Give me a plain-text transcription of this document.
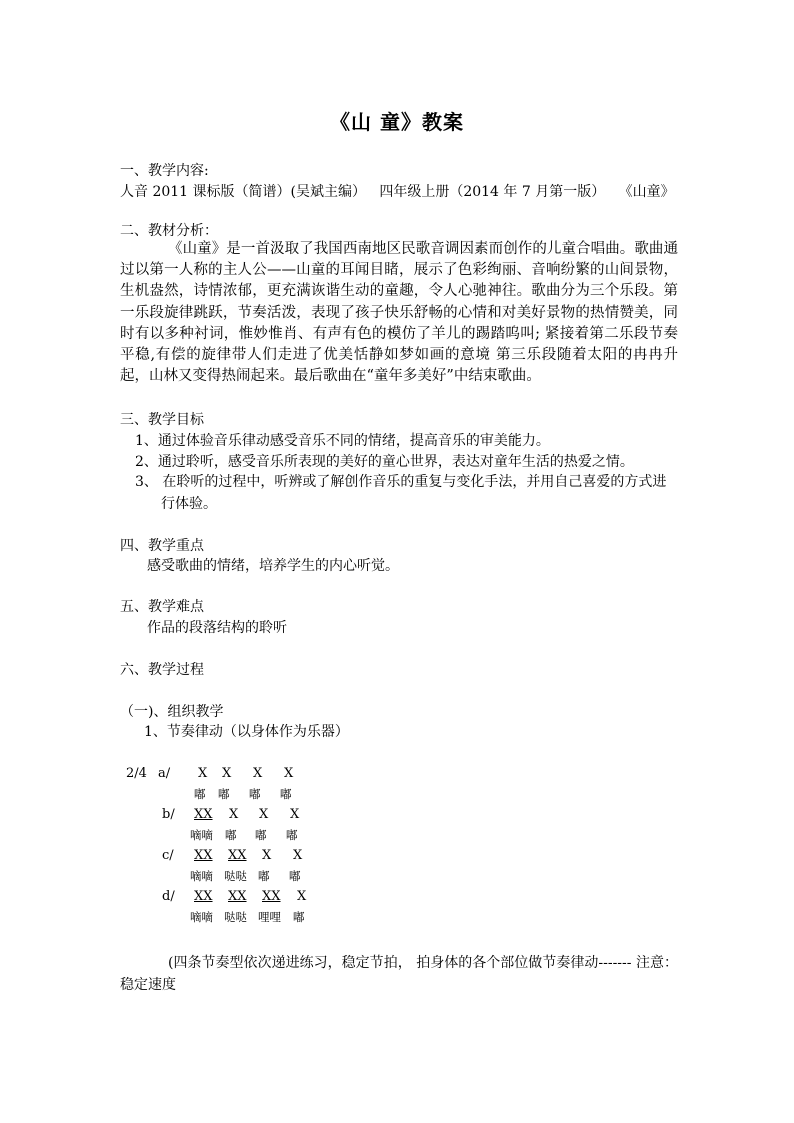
《山 童》教案
一、教学内容:
人音 2011 课标版（简谱）(吴斌主编）   四年级上册（2014 年 7 月第一版）   《山童》
二、教材分析：
《山童》是一首汲取了我国西南地区民歌音调因素而创作的儿童合唱曲。歌曲通过以第一人称的主人公——山童的耳闻目睹，展示了色彩绚丽、音响纷繁的山间景物，生机盎然，诗情浓郁，更充满诙谐生动的童趣，令人心驰神往。歌曲分为三个乐段。第一乐段旋律跳跃，节奏活泼，表现了孩子快乐舒畅的心情和对美好景物的热情赞美，同时有以多种衬词，惟妙惟肖、有声有色的模仿了羊儿的踢踏呜叫; 紧接着第二乐段节奏平稳,有偿的旋律带人们走进了优美恬静如梦如画的意境 第三乐段随着太阳的冉冉升起，山林又变得热闹起来。最后歌曲在“童年多美好”中结束歌曲。
三、教学目标
1、通过体验音乐律动感受音乐不同的情绪，提高音乐的审美能力。
2、通过聆听，感受音乐所表现的美好的童心世界，表达对童年生活的热爱之情。
3、 在聆听的过程中，听辨或了解创作音乐的重复与变化手法，并用自己喜爱的方式进行体验。
四、教学重点
感受歌曲的情绪，培养学生的内心听觉。
五、教学难点
作品的段落结构的聆听
六、教学过程
（一)、组织教学
1、节奏律动（以身体作为乐器）
2/4 a/ X
嘟
X
嘟
X
嘟
X
嘟
b/ XX
嘀嘀
X
嘟
X
嘟
X
嘟
c/ XX
嘀嘀
XX
哒哒
X
嘟
X
嘟
d/ XX
嘀嘀
XX
哒哒
XX
哩哩
X
嘟
(四条节奏型依次递进练习，稳定节拍， 拍身体的各个部位做节奏律动------- 注意：稳定速度
